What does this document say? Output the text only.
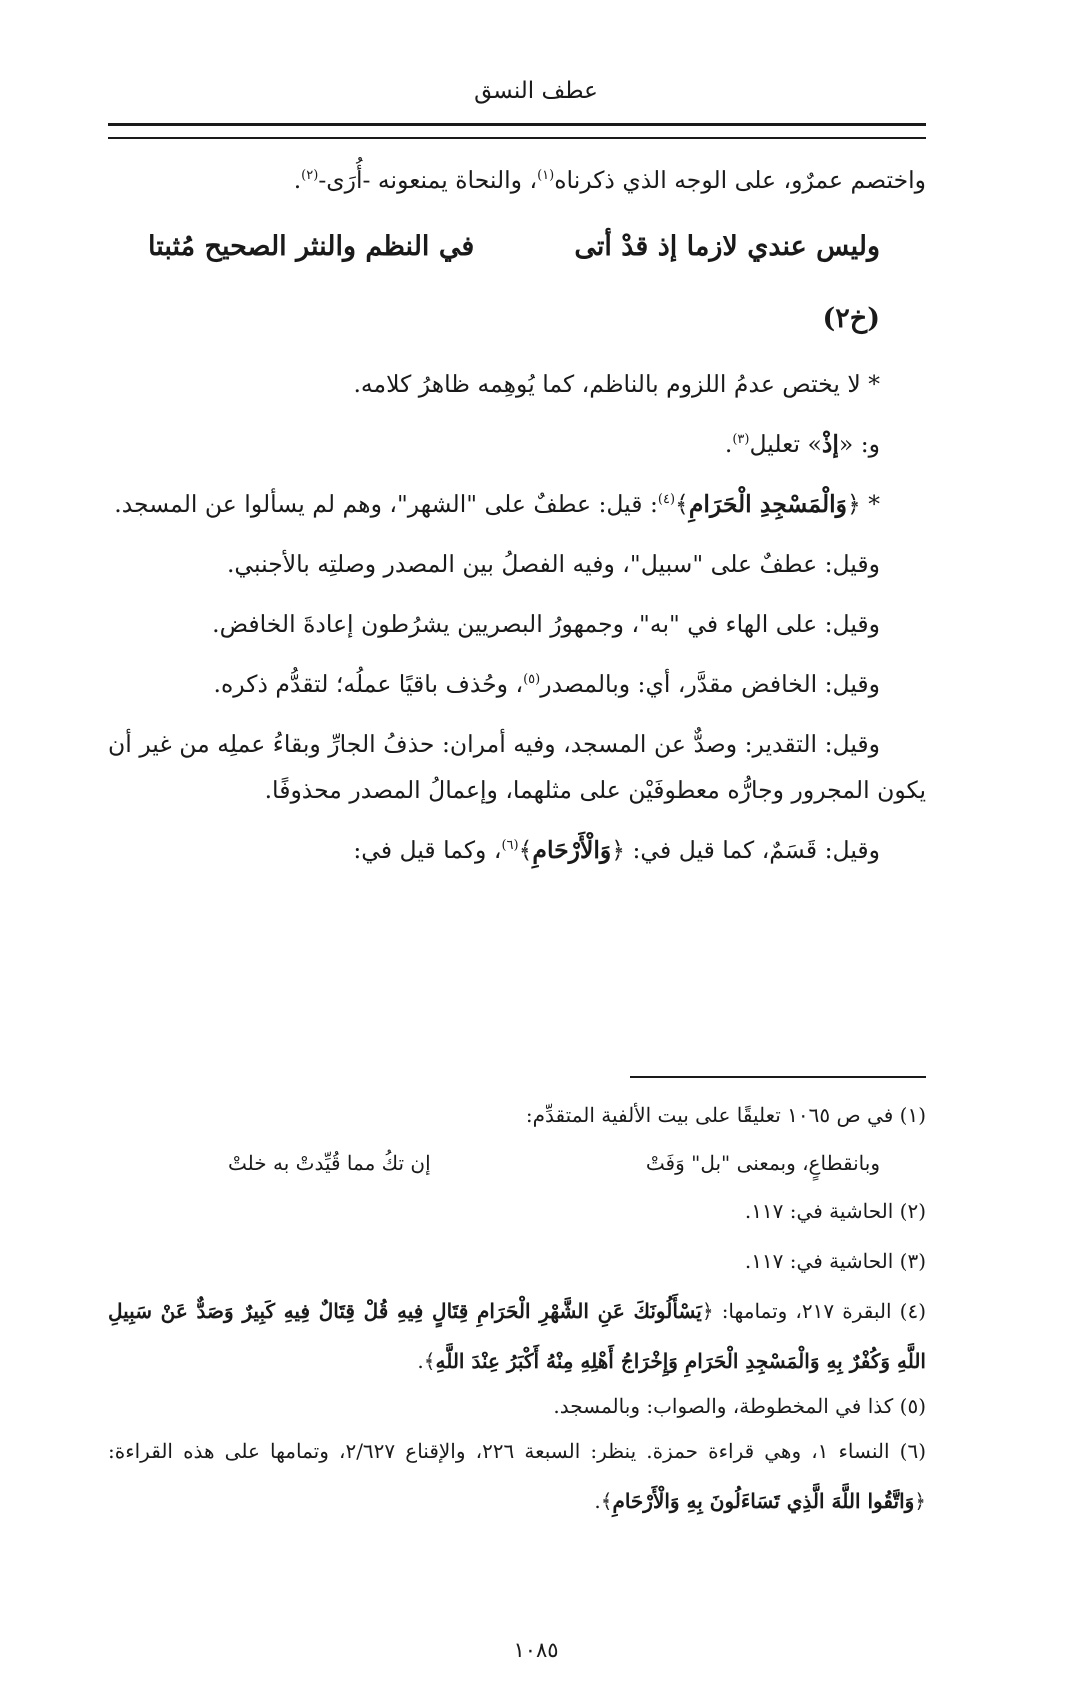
عطف النسق
واختصم عمرٌو، على الوجه الذي ذكرناه$^{(١)}$، والنحاة يمنعونه -أُرَى-$^{(٢)}$.
وليس عندي لازما إذ قدْ أتى
في النظم والنثر الصحيح مُثبتا
(خ٢)
* لا يختص عدمُ اللزوم بالناظم، كما يُوهِمه ظاهرُ كلامه.
و: «إذْ» تعليل$^{(٣)}$.
* ﴿وَالْمَسْجِدِ الْحَرَامِ﴾$^{(٤)}$: قيل: عطفٌ على "الشهر"، وهم لم يسألوا عن المسجد.
وقيل: عطفٌ على "سبيل"، وفيه الفصلُ بين المصدر وصلتِه بالأجنبي.
وقيل: على الهاء في "به"، وجمهورُ البصريين يشرُطون إعادةَ الخافض.
وقيل: الخافض مقدَّر، أي: وبالمصدر$^{(٥)}$، وحُذف باقيًا عملُه؛ لتقدُّم ذكره.
وقيل: التقدير: وصدٌّ عن المسجد، وفيه أمران: حذفُ الجارِّ وبقاءُ عملِه من غير أن يكون المجرور وجارُّه معطوفَيْن على مثلهما، وإعمالُ المصدر محذوفًا.
وقيل: قَسَمٌ، كما قيل في: ﴿وَالْأَرْحَامِ﴾$^{(٦)}$، وكما قيل في:
(١) في ص ١٠٦٥ تعليقًا على بيت الألفية المتقدِّم:
وبانقطاعٍ، وبمعنى "بل" وَفَتْ
إن تكُ مما قُيِّدتْ به خلتْ
(٢) الحاشية في: ١١٧.
(٣) الحاشية في: ١١٧.
(٤) البقرة ٢١٧، وتمامها: ﴿يَسْأَلُونَكَ عَنِ الشَّهْرِ الْحَرَامِ قِتَالٍ فِيهِ قُلْ قِتَالٌ فِيهِ كَبِيرٌ وَصَدٌّ عَنْ سَبِيلِ اللَّهِ وَكُفْرٌ بِهِ وَالْمَسْجِدِ الْحَرَامِ وَإِخْرَاجُ أَهْلِهِ مِنْهُ أَكْبَرُ عِنْدَ اللَّهِ﴾.
(٥) كذا في المخطوطة، والصواب: وبالمسجد.
(٦) النساء ١، وهي قراءة حمزة. ينظر: السبعة ٢٢٦، والإقناع ٢/٦٢٧، وتمامها على هذه القراءة: ﴿وَاتَّقُوا اللَّهَ الَّذِي تَسَاءَلُونَ بِهِ وَالْأَرْحَامِ﴾.
١٠٨٥
